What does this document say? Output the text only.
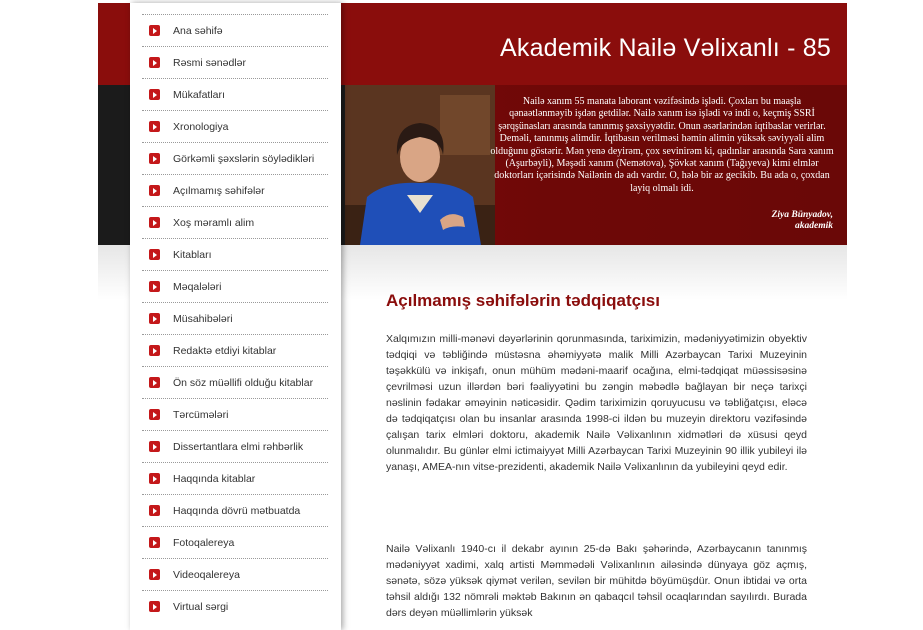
Akademik Nailə Vəlixanlı - 85
Nailə xanım 55 manata laborant vəzifəsində işlədi. Çoxları bu maaşla qənaətlənməyib işdən getdilər. Nailə xanım isə işlədi və indi o, keçmiş SSRİ şərqşünasları arasında tanınmış şəxsiyyətdir. Onun əsərlərindən iqtibaslar verirlər. Deməli, tanınmış alimdir. İqtibasın verilməsi həmin alimin yüksək səviyyəli alim olduğunu göstərir. Mən yenə deyirəm, çox sevinirəm ki, qadınlar arasında Sara xanım (Aşurbəyli), Məşədi xanım (Nemətova), Şövkət xanım (Tağıyeva) kimi elmlər doktorları içərisində Nailənin də adı vardır. O, hələ bir az gecikib. Bu ada o, çoxdan layiq olmalı idi.
Ziya Bünyadov,
akademik
Ana səhifə
Rəsmi sənədlər
Mükafatları
Xronologiya
Görkəmli şəxslərin söylədikləri
Açılmamış səhifələr
Xoş məramlı alim
Kitabları
Məqalələri
Müsahibələri
Redaktə etdiyi kitablar
Ön söz müəllifi olduğu kitablar
Tərcümələri
Dissertantlara elmi rəhbərlik
Haqqında kitablar
Haqqında dövrü mətbuatda
Fotoqalereya
Videoqalereya
Virtual sərgi
Açılmamış səhifələrin tədqiqatçısı

Xalqımızın milli-mənəvi dəyərlərinin qorunmasında, tariximizin, mədəniyyətimizin obyektiv tədqiqi və təbliğində müstəsna əhəmiyyətə malik Milli Azərbaycan Tarixi Muzeyinin təşəkkülü və inkişafı, onun mühüm mədəni-maarif ocağına, elmi-tədqiqat müəssisəsinə çevrilməsi uzun illərdən bəri fəaliyyətini bu zəngin məbədlə bağlayan bir neçə tarixçi nəslinin fədakar əməyinin nəticəsidir. Qədim tariximizin qoruyucusu və təbliğatçısı, eləcə də tədqiqatçısı olan bu insanlar arasında 1998-ci ildən bu muzeyin direktoru vəzifəsində çalışan tarix elmləri doktoru, akademik Nailə Vəlixanlının xidmətləri də xüsusi qeyd olunmalıdır. Bu günlər elmi ictimaiyyət Milli Azərbaycan Tarixi Muzeyinin 90 illik yubileyi ilə yanaşı, AMEA-nın vitse-prezidenti, akademik Nailə Vəlixanlının da yubileyini qeyd edir.

Nailə Vəlixanlı 1940-cı il dekabr ayının 25-də Bakı şəhərində, Azərbaycanın tanınmış mədəniyyət xadimi, xalq artisti Məmmədəli Vəlixanlının ailəsində dünyaya göz açmış, sənətə, sözə yüksək qiymət verilən, sevilən bir mühitdə böyümüşdür. Onun ibtidai və orta təhsil aldığı 132 nömrəli məktəb Bakının ən qabaqcıl təhsil ocaqlarından sayılırdı. Burada dərs deyən müəllimlərin yüksək
